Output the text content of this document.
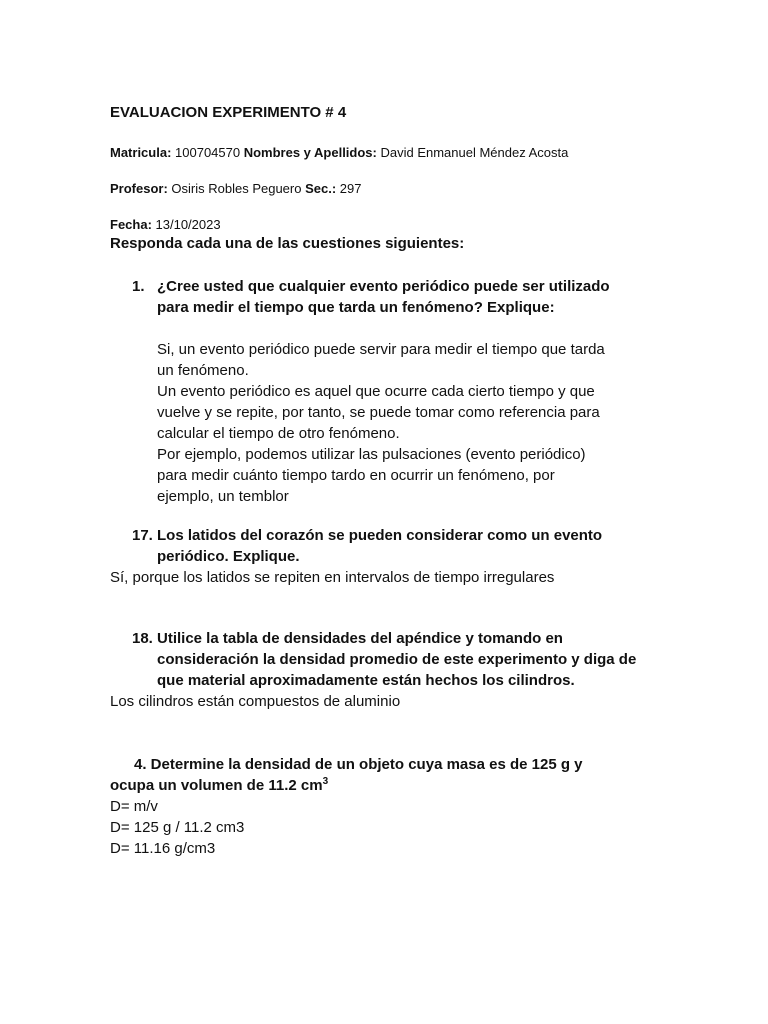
EVALUACION EXPERIMENTO # 4
Matricula: 100704570 Nombres y Apellidos: David Enmanuel Méndez Acosta
Profesor: Osiris Robles Peguero Sec.: 297
Fecha: 13/10/2023
Responda cada una de las cuestiones siguientes:
1. ¿Cree usted que cualquier evento periódico puede ser utilizado
para medir el tiempo que tarda un fenómeno? Explique:
Si, un evento periódico puede servir para medir el tiempo que tarda
un fenómeno.
Un evento periódico es aquel que ocurre cada cierto tiempo y que
vuelve y se repite, por tanto, se puede tomar como referencia para
calcular el tiempo de otro fenómeno.
Por ejemplo, podemos utilizar las pulsaciones (evento periódico)
para medir cuánto tiempo tardo en ocurrir un fenómeno, por
ejemplo, un temblor
17. Los latidos del corazón se pueden considerar como un evento
periódico. Explique.
Sí, porque los latidos se repiten en intervalos de tiempo irregulares
18. Utilice la tabla de densidades del apéndice y tomando en
consideración la densidad promedio de este experimento y diga de
que material aproximadamente están hechos los cilindros.
Los cilindros están compuestos de aluminio
4. Determine la densidad de un objeto cuya masa es de 125 g y
ocupa un volumen de 11.2 $cm^3$
D= m/v
D= 125 g / 11.2 cm3
D= 11.16 g/cm3
